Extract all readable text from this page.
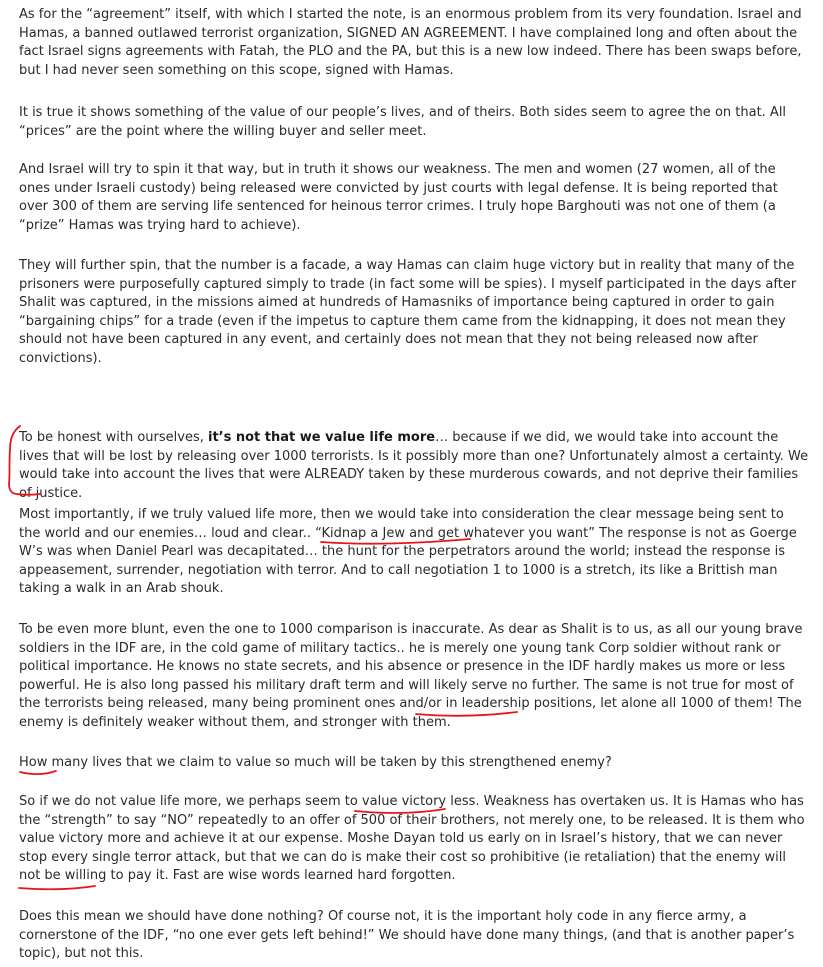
As for the “agreement” itself, with which I started the note, is an enormous problem from its very foundation. Israel and Hamas, a banned outlawed terrorist organization, SIGNED AN AGREEMENT. I have complained long and often about the fact Israel signs agreements with Fatah, the PLO and the PA, but this is a new low indeed. There has been swaps before, but I had never seen something on this scope, signed with Hamas.

It is true it shows something of the value of our people’s lives, and of theirs. Both sides seem to agree the on that. All “prices” are the point where the willing buyer and seller meet.

And Israel will try to spin it that way, but in truth it shows our weakness. The men and women (27 women, all of the ones under Israeli custody) being released were convicted by just courts with legal defense. It is being reported that over 300 of them are serving life sentenced for heinous terror crimes. I truly hope Barghouti was not one of them (a “prize” Hamas was trying hard to achieve).

They will further spin, that the number is a facade, a way Hamas can claim huge victory but in reality that many of the prisoners were purposefully captured simply to trade (in fact some will be spies). I myself participated in the days after Shalit was captured, in the missions aimed at hundreds of Hamasniks of importance being captured in order to gain “bargaining chips” for a trade (even if the impetus to capture them came from the kidnapping, it does not mean they should not have been captured in any event, and certainly does not mean that they not being released now after convictions).

To be honest with ourselves, it’s not that we value life more… because if we did, we would take into account the lives that will be lost by releasing over 1000 terrorists. Is it possibly more than one? Unfortunately almost a certainty. We would take into account the lives that were ALREADY taken by these murderous cowards, and not deprive their families of justice.

Most importantly, if we truly valued life more, then we would take into consideration the clear message being sent to the world and our enemies… loud and clear.. “Kidnap a Jew and get whatever you want” The response is not as Goerge W’s was when Daniel Pearl was decapitated… the hunt for the perpetrators around the world; instead the response is appeasement, surrender, negotiation with terror. And to call negotiation 1 to 1000 is a stretch, its like a Brittish man taking a walk in an Arab shouk.

To be even more blunt, even the one to 1000 comparison is inaccurate. As dear as Shalit is to us, as all our young brave soldiers in the IDF are, in the cold game of military tactics.. he is merely one young tank Corp soldier without rank or political importance. He knows no state secrets, and his absence or presence in the IDF hardly makes us more or less powerful. He is also long passed his military draft term and will likely serve no further. The same is not true for most of the terrorists being released, many being prominent ones and/or in leadership positions, let alone all 1000 of them! The enemy is definitely weaker without them, and stronger with them.

How many lives that we claim to value so much will be taken by this strengthened enemy?

So if we do not value life more, we perhaps seem to value victory less. Weakness has overtaken us. It is Hamas who has the “strength” to say “NO” repeatedly to an offer of 500 of their brothers, not merely one, to be released. It is them who value victory more and achieve it at our expense. Moshe Dayan told us early on in Israel’s history, that we can never stop every single terror attack, but that we can do is make their cost so prohibitive (ie retaliation) that the enemy will not be willing to pay it. Fast are wise words learned hard forgotten.

Does this mean we should have done nothing? Of course not, it is the important holy code in any fierce army, a cornerstone of the IDF, “no one ever gets left behind!” We should have done many things, (and that is another paper’s topic), but not this.
